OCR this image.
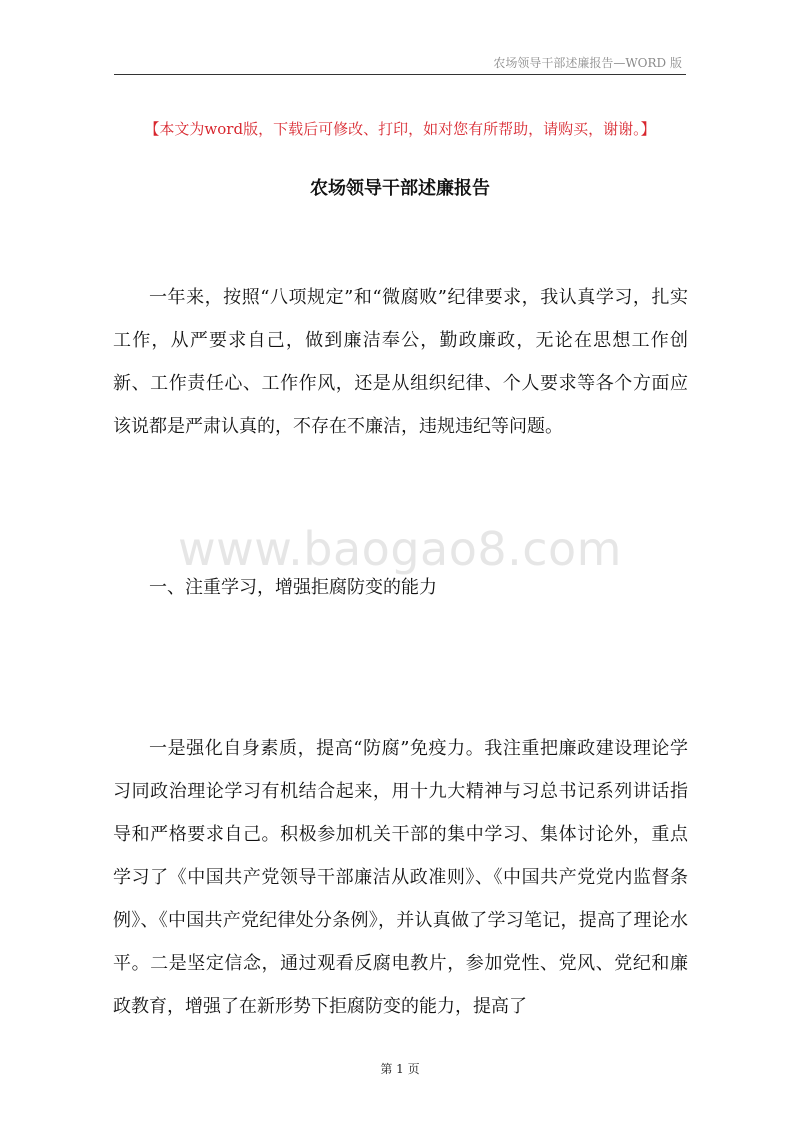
农场领导干部述廉报告—WORD 版
【本文为word版，下载后可修改、打印，如对您有所帮助，请购买，谢谢。】
农场领导干部述廉报告

一年来，按照“八项规定”和“微腐败”纪律要求，我认真学习，扎实工作，从严要求自己，做到廉洁奉公，勤政廉政，无论在思想工作创新、工作责任心、工作作风，还是从组织纪律、个人要求等各个方面应该说都是严肃认真的，不存在不廉洁，违规违纪等问题。

www.baogao8.com

一、注重学习，增强拒腐防变的能力

一是强化自身素质，提高“防腐”免疫力。我注重把廉政建设理论学习同政治理论学习有机结合起来，用十九大精神与习总书记系列讲话指导和严格要求自己。积极参加机关干部的集中学习、集体讨论外，重点学习了《中国共产党领导干部廉洁从政准则》、《中国共产党党内监督条例》、《中国共产党纪律处分条例》，并认真做了学习笔记，提高了理论水平。二是坚定信念，通过观看反腐电教片，参加党性、党风、党纪和廉政教育，增强了在新形势下拒腐防变的能力，提高了

第 1 页
